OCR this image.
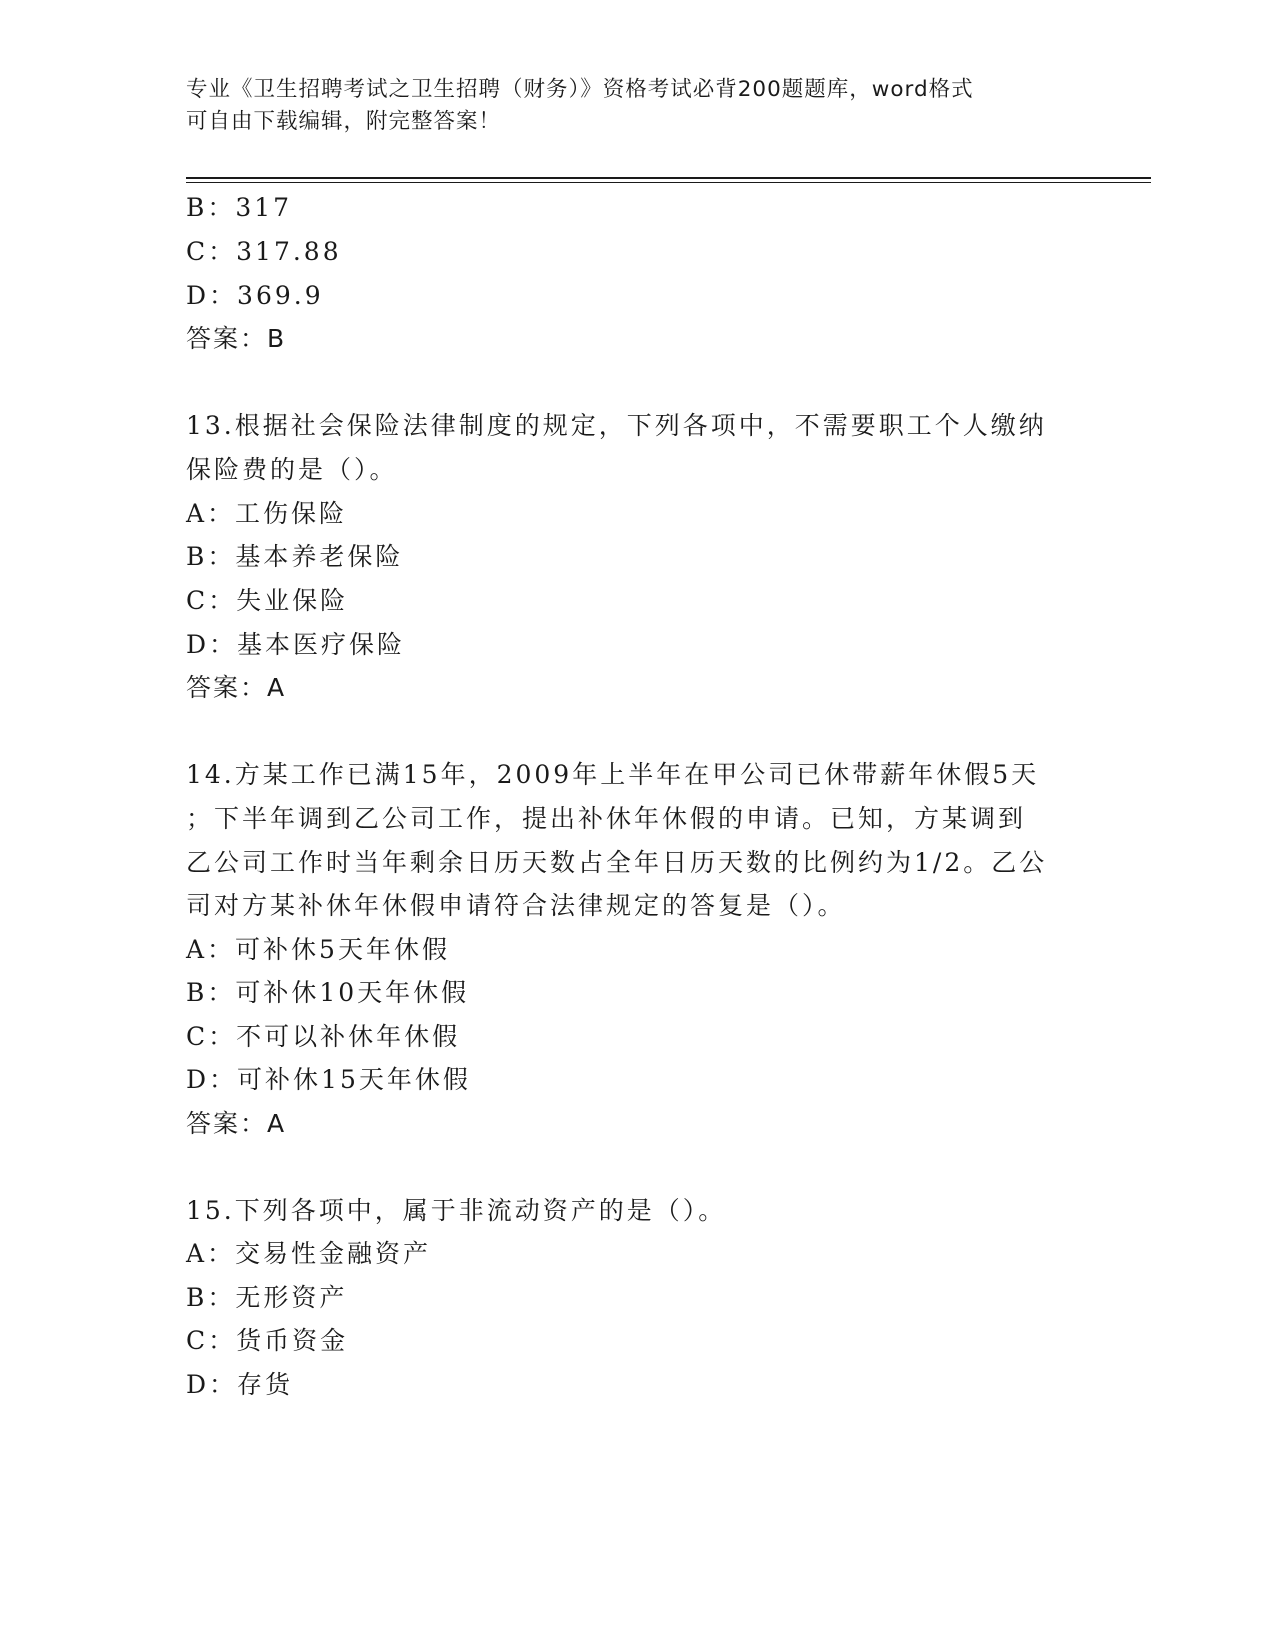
专业《卫生招聘考试之卫生招聘（财务）》资格考试必背200题题库，word格式
可自由下载编辑，附完整答案！
B：317
C：317.88
D：369.9
答案：B
13.根据社会保险法律制度的规定，下列各项中，不需要职工个人缴纳
保险费的是（）。
A：工伤保险
B：基本养老保险
C：失业保险
D：基本医疗保险
答案：A
14.方某工作已满15年，2009年上半年在甲公司已休带薪年休假5天
；下半年调到乙公司工作，提出补休年休假的申请。已知，方某调到
乙公司工作时当年剩余日历天数占全年日历天数的比例约为1/2。乙公
司对方某补休年休假申请符合法律规定的答复是（）。
A：可补休5天年休假
B：可补休10天年休假
C：不可以补休年休假
D：可补休15天年休假
答案：A
15.下列各项中，属于非流动资产的是（）。
A：交易性金融资产
B：无形资产
C：货币资金
D：存货
